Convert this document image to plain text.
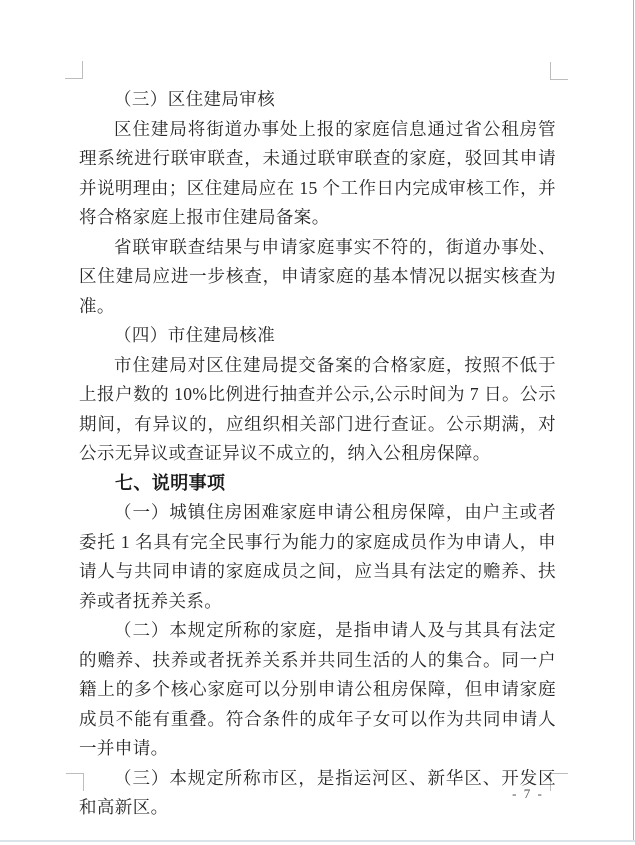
（三）区住建局审核

区住建局将街道办事处上报的家庭信息通过省公租房管理系统进行联审联查，未通过联审联查的家庭，驳回其申请并说明理由；区住建局应在 15 个工作日内完成审核工作，并将合格家庭上报市住建局备案。

省联审联查结果与申请家庭事实不符的，街道办事处、区住建局应进一步核查，申请家庭的基本情况以据实核查为准。

（四）市住建局核准

市住建局对区住建局提交备案的合格家庭，按照不低于上报户数的 10%比例进行抽查并公示,公示时间为 7 日。公示期间，有异议的，应组织相关部门进行查证。公示期满，对公示无异议或查证异议不成立的，纳入公租房保障。

七、说明事项

（一）城镇住房困难家庭申请公租房保障，由户主或者委托 1 名具有完全民事行为能力的家庭成员作为申请人，申请人与共同申请的家庭成员之间，应当具有法定的赡养、扶养或者抚养关系。

（二）本规定所称的家庭，是指申请人及与其具有法定的赡养、扶养或者抚养关系并共同生活的人的集合。同一户籍上的多个核心家庭可以分别申请公租房保障，但申请家庭成员不能有重叠。符合条件的成年子女可以作为共同申请人一并申请。

（三）本规定所称市区，是指运河区、新华区、开发区和高新区。

- 7 -
